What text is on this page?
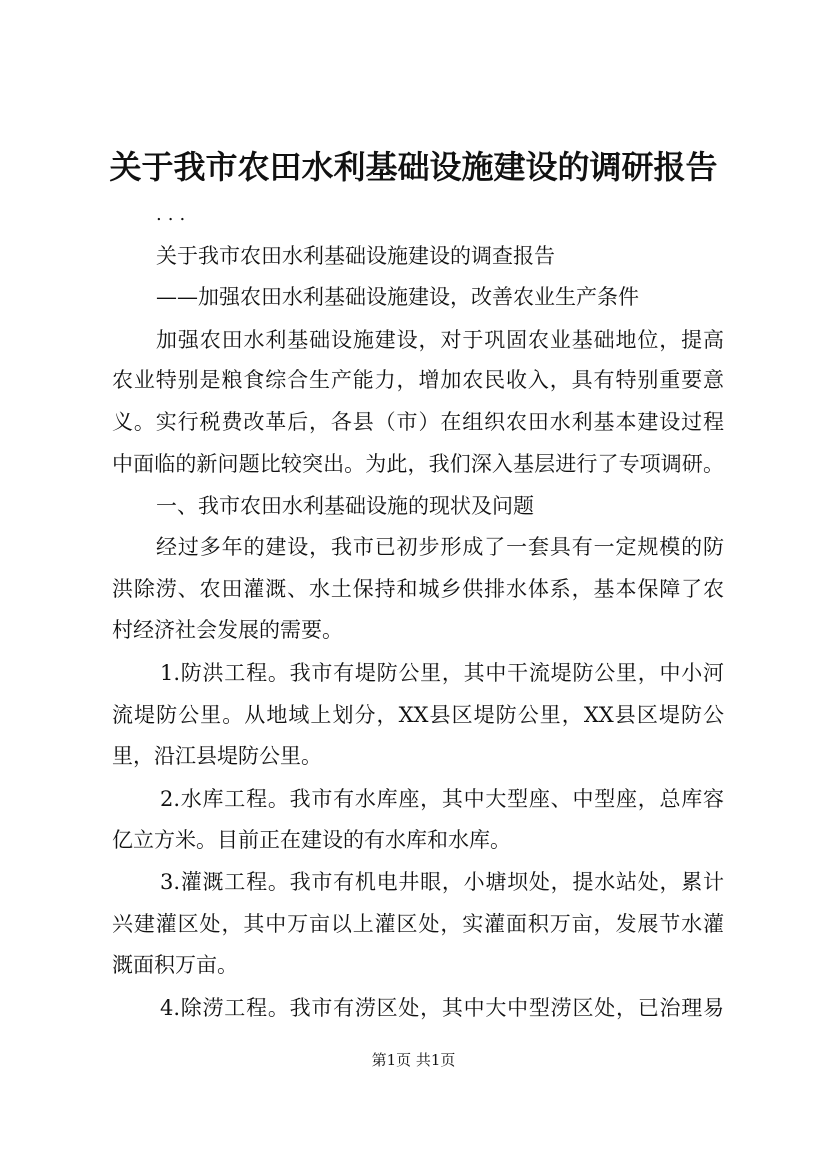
关于我市农田水利基础设施建设的调研报告
...
关于我市农田水利基础设施建设的调查报告
——加强农田水利基础设施建设，改善农业生产条件
加强农田水利基础设施建设，对于巩固农业基础地位，提高
农业特别是粮食综合生产能力，增加农民收入，具有特别重要意
义。实行税费改革后，各县（市）在组织农田水利基本建设过程
中面临的新问题比较突出。为此，我们深入基层进行了专项调研。
一、我市农田水利基础设施的现状及问题
经过多年的建设，我市已初步形成了一套具有一定规模的防
洪除涝、农田灌溉、水土保持和城乡供排水体系，基本保障了农
村经济社会发展的需要。
1.防洪工程。我市有堤防公里，其中干流堤防公里，中小河
流堤防公里。从地域上划分，XX县区堤防公里，XX县区堤防公
里，沿江县堤防公里。
2.水库工程。我市有水库座，其中大型座、中型座，总库容
亿立方米。目前正在建设的有水库和水库。
3.灌溉工程。我市有机电井眼，小塘坝处，提水站处，累计
兴建灌区处，其中万亩以上灌区处，实灌面积万亩，发展节水灌
溉面积万亩。
4.除涝工程。我市有涝区处，其中大中型涝区处，已治理易
第1页 共1页
